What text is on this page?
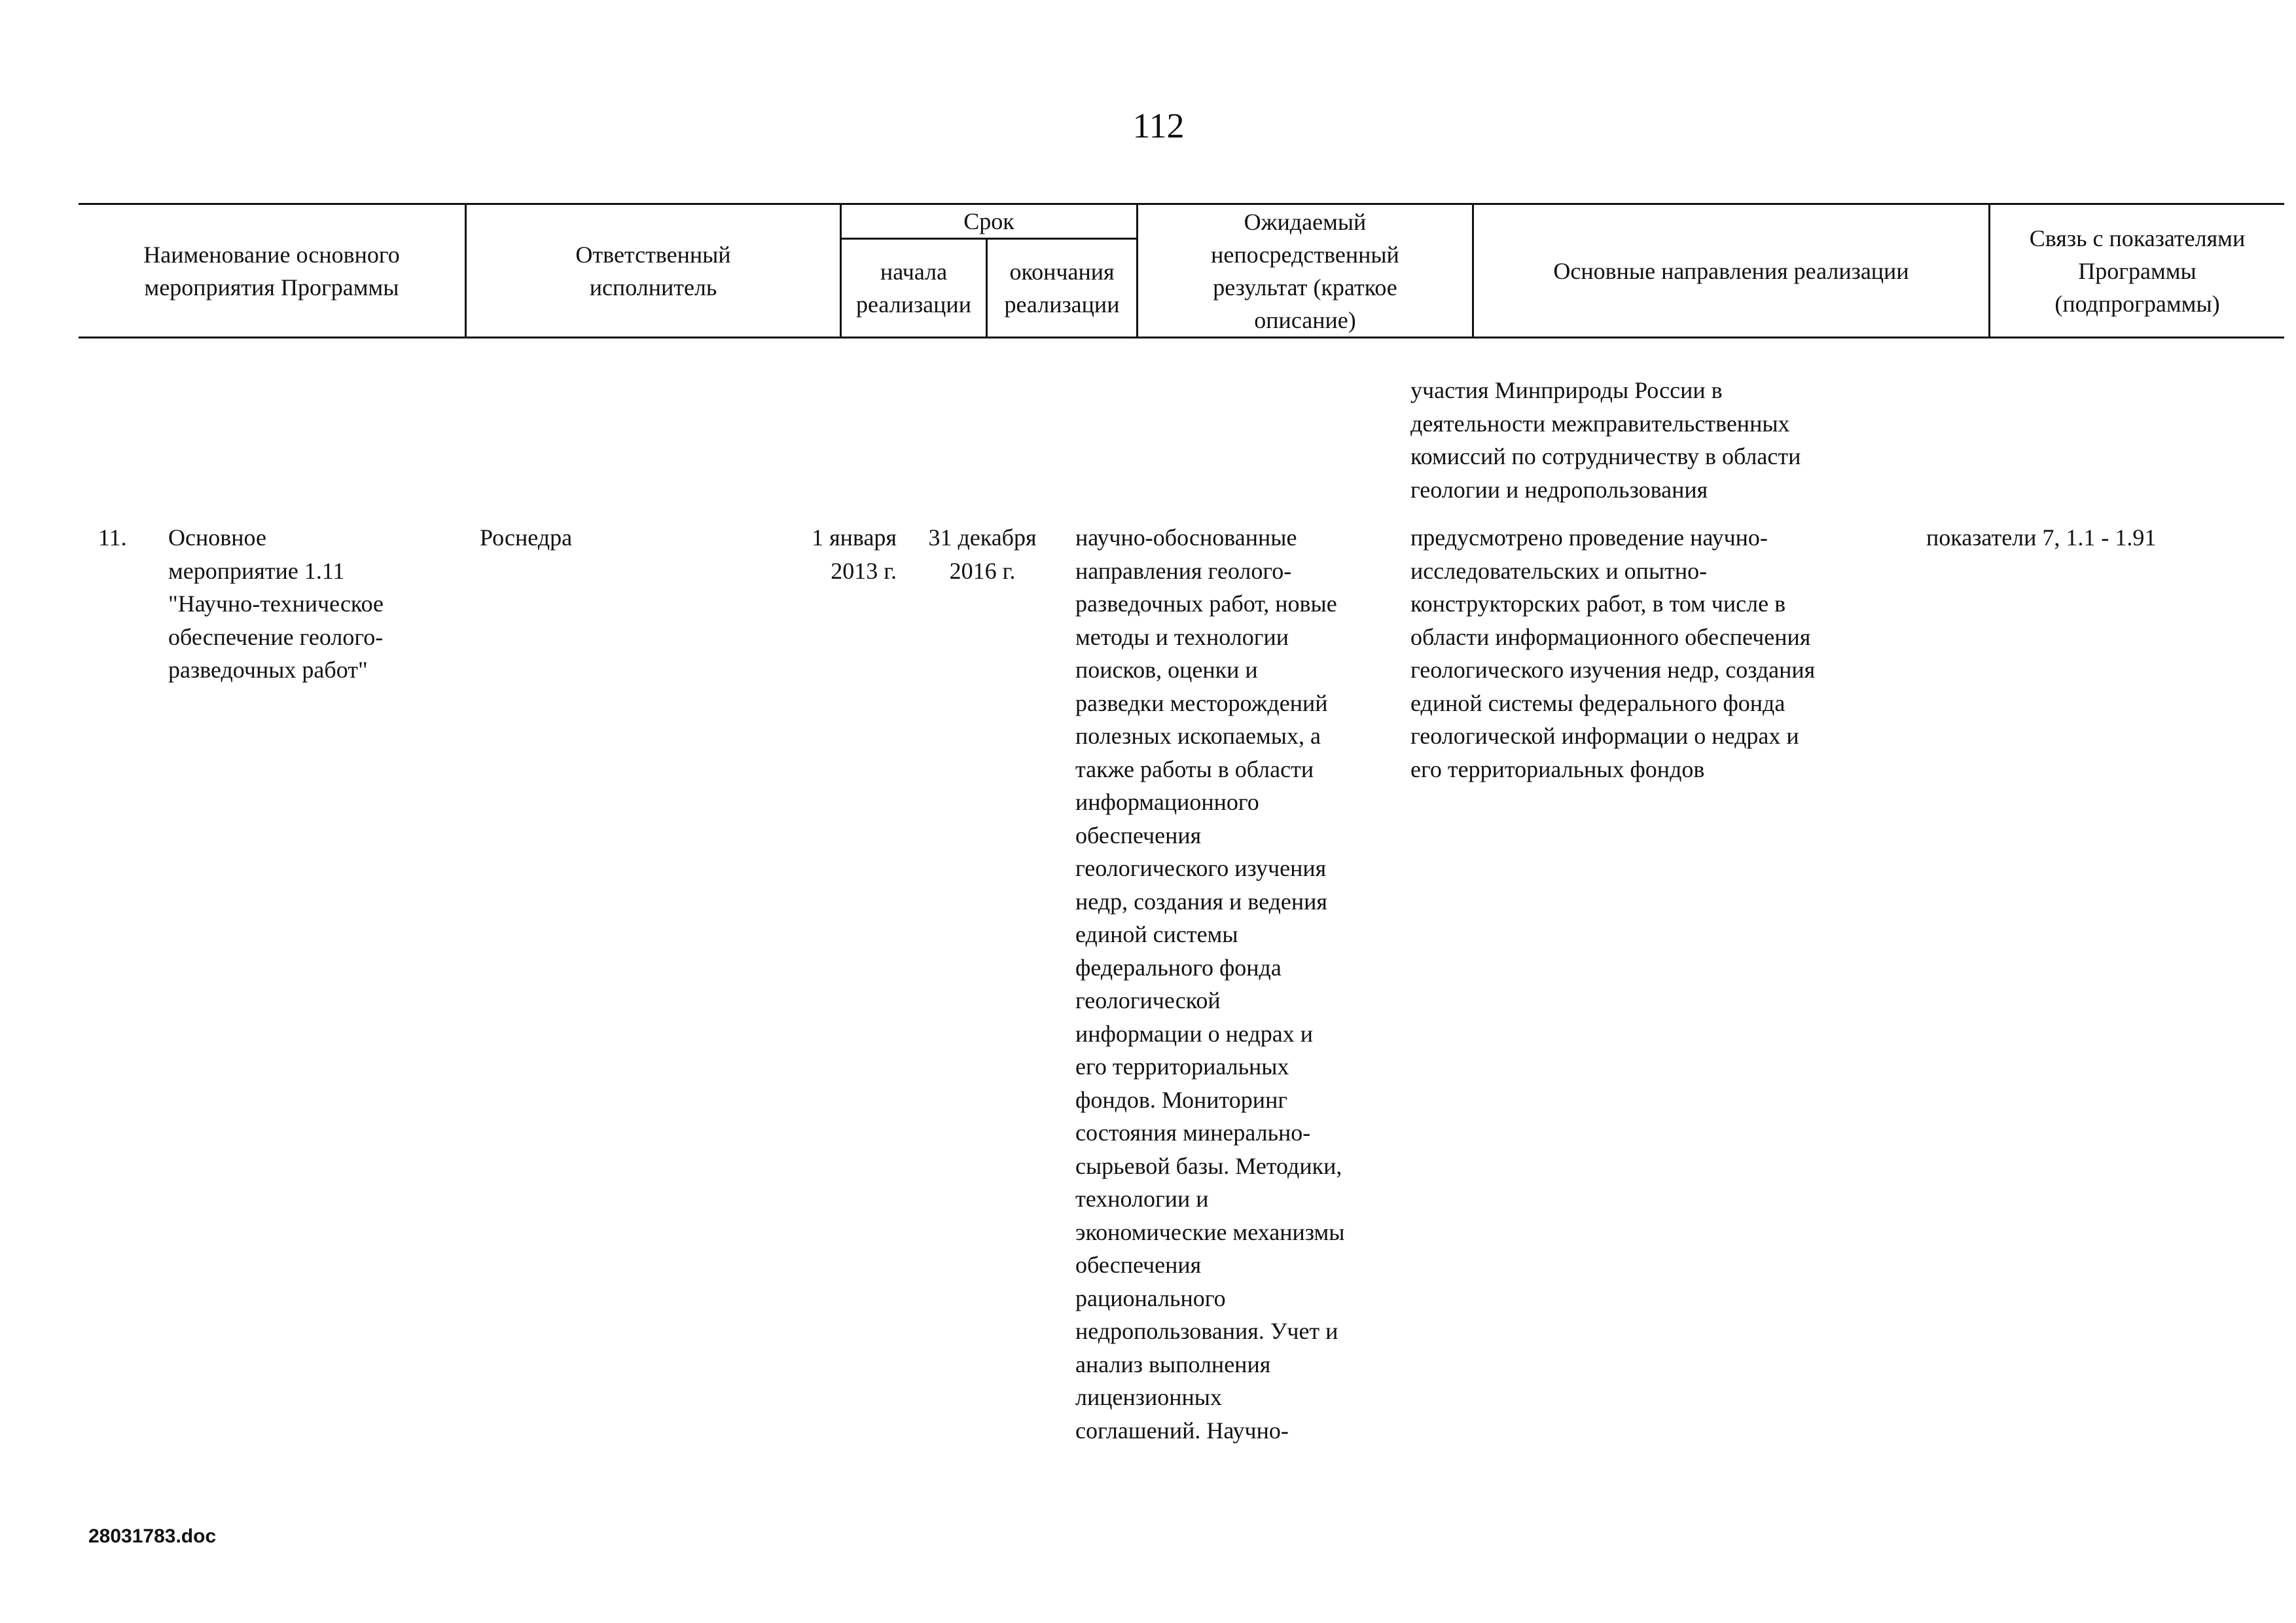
112
Наименование основного мероприятия Программы
Ответственный исполнитель
Срок
начала реализации
окончания реализации
Ожидаемый непосредственный результат (краткое описание)
Основные направления реализации
Связь с показателями Программы (подпрограммы)
участия Минприроды России в
деятельности межправительственных
комиссий по сотрудничеству в области
геологии и недропользования
11.	Основное
мероприятие 1.11
"Научно-техническое
обеспечение геолого-
разведочных работ"
Роснедра	1 января
2013 г.
31 декабря
2016 г.
научно-обоснованные
направления геолого-
разведочных работ, новые
методы и технологии
поисков, оценки и
разведки месторождений
полезных ископаемых, а
также работы в области
информационного
обеспечения
геологического изучения
недр, создания и ведения
единой системы
федерального фонда
геологической
информации о недрах и
его территориальных
фондов. Мониторинг
состояния минерально-
сырьевой базы. Методики,
технологии и
экономические механизмы
обеспечения
рационального
недропользования. Учет и
анализ выполнения
лицензионных
соглашений. Научно-
предусмотрено проведение научно-
исследовательских и опытно-
конструкторских работ, в том числе в
области информационного обеспечения
геологического изучения недр, создания
единой системы федерального фонда
геологической информации о недрах и
его территориальных фондов
показатели 7, 1.1 - 1.91
28031783.doc
